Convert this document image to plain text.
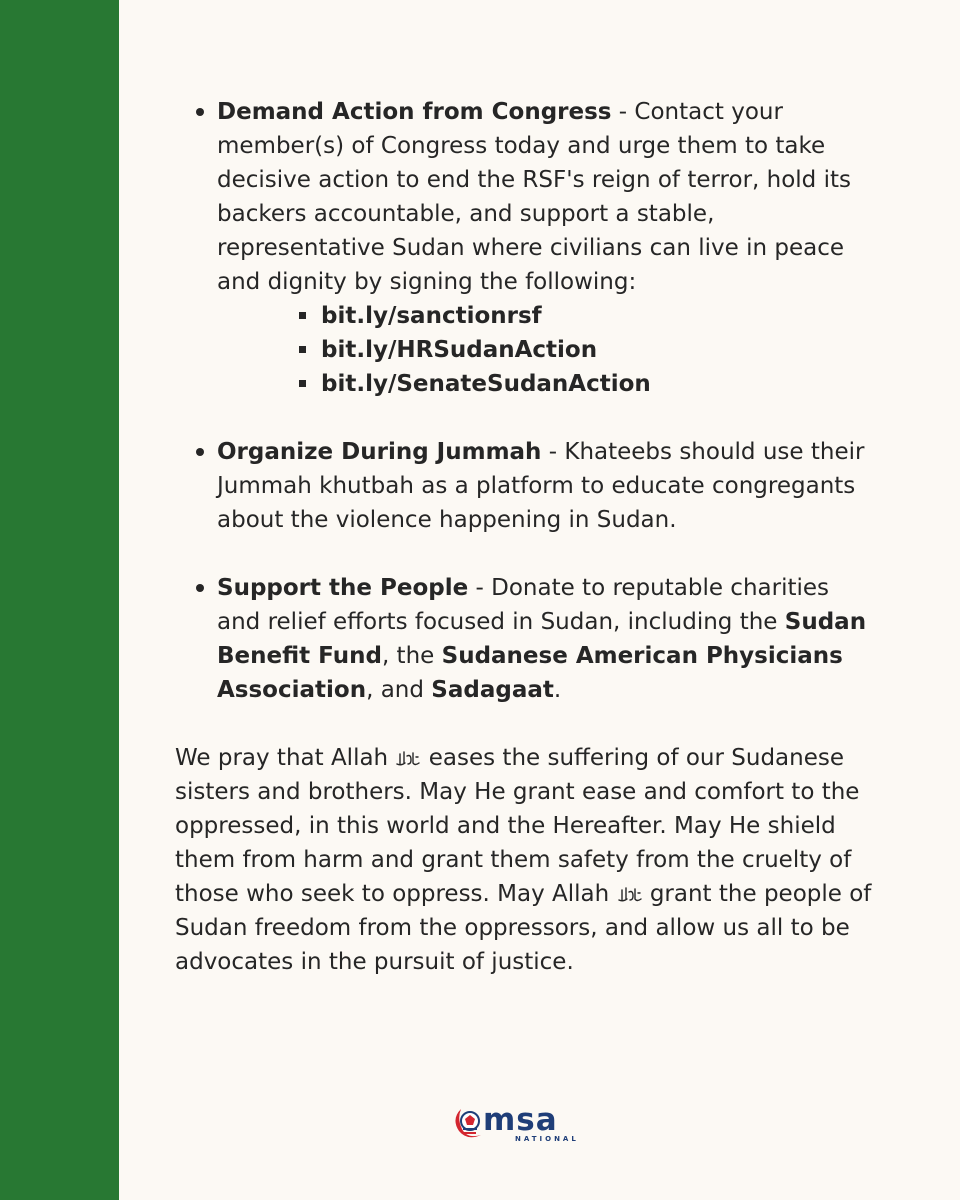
Demand Action from Congress - Contact your member(s) of Congress today and urge them to take decisive action to end the RSF's reign of terror, hold its backers accountable, and support a stable, representative Sudan where civilians can live in peace and dignity by signing the following:
bit.ly/sanctionrsf
bit.ly/HRSudanAction
bit.ly/SenateSudanAction
Organize During Jummah - Khateebs should use their Jummah khutbah as a platform to educate congregants about the violence happening in Sudan.
Support the People - Donate to reputable charities and relief efforts focused in Sudan, including the Sudan Benefit Fund, the Sudanese American Physicians Association, and Sadagaat.

We pray that Allah  eases the suffering of our Sudanese sisters and brothers. May He grant ease and comfort to the oppressed, in this world and the Hereafter. May He shield them from harm and grant them safety from the cruelty of those who seek to oppress. May Allah  grant the people of Sudan freedom from the oppressors, and allow us all to be advocates in the pursuit of justice.

msa
NATIONAL
